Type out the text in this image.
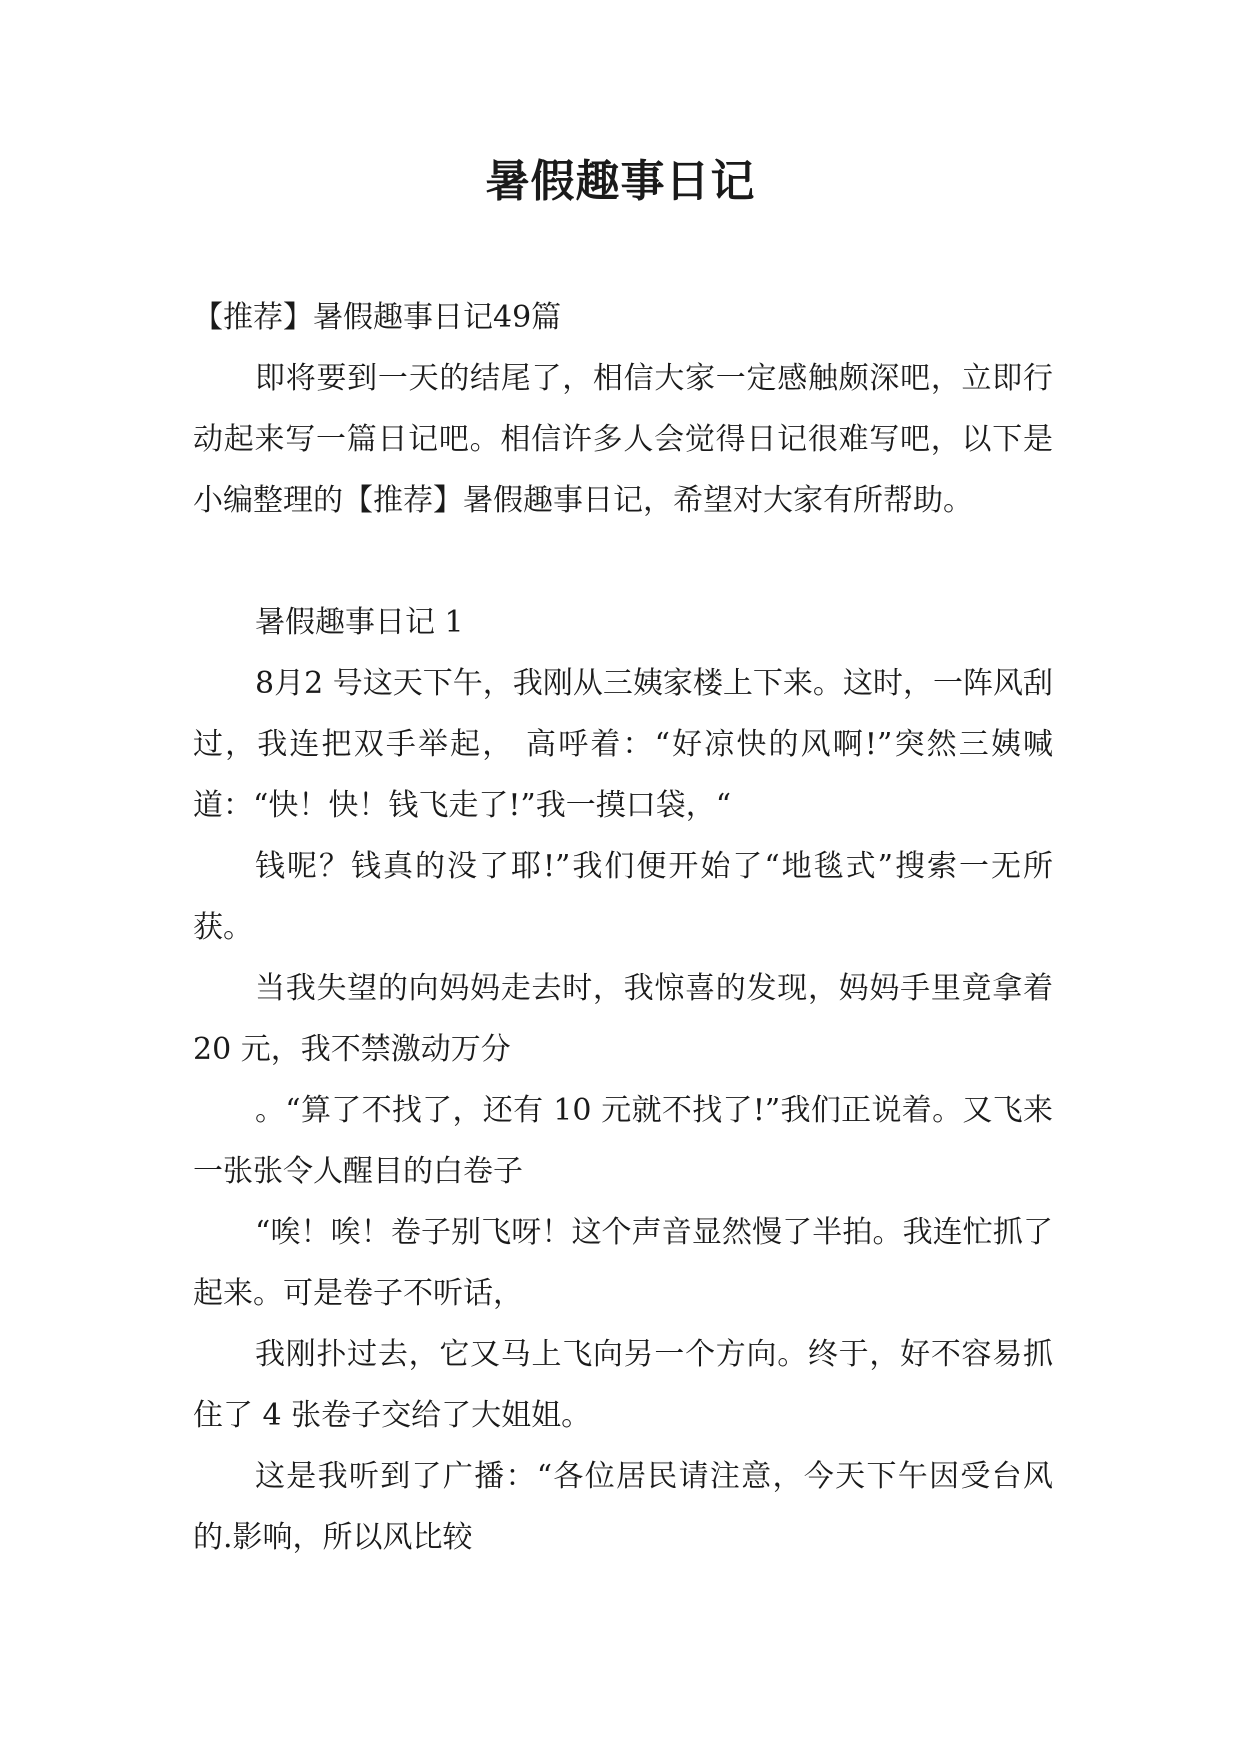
暑假趣事日记

【推荐】暑假趣事日记49篇

即将要到一天的结尾了，相信大家一定感触颇深吧，立即行动起来写一篇日记吧。相信许多人会觉得日记很难写吧，以下是小编整理的【推荐】暑假趣事日记，希望对大家有所帮助。

暑假趣事日记 1

8月2 号这天下午，我刚从三姨家楼上下来。这时，一阵风刮过，我连把双手举起， 高呼着：“好凉快的风啊!”突然三姨喊道：“快！快！钱飞走了!”我一摸口袋，“

钱呢？钱真的没了耶!”我们便开始了“地毯式”搜索一无所获。

当我失望的向妈妈走去时，我惊喜的发现，妈妈手里竟拿着 20 元，我不禁激动万分

。“算了不找了，还有 10 元就不找了!”我们正说着。又飞来一张张令人醒目的白卷子

“唉！唉！卷子别飞呀！这个声音显然慢了半拍。我连忙抓了起来。可是卷子不听话，

我刚扑过去，它又马上飞向另一个方向。终于，好不容易抓住了 4 张卷子交给了大姐姐。

这是我听到了广播：“各位居民请注意，今天下午因受台风的.影响，所以风比较
